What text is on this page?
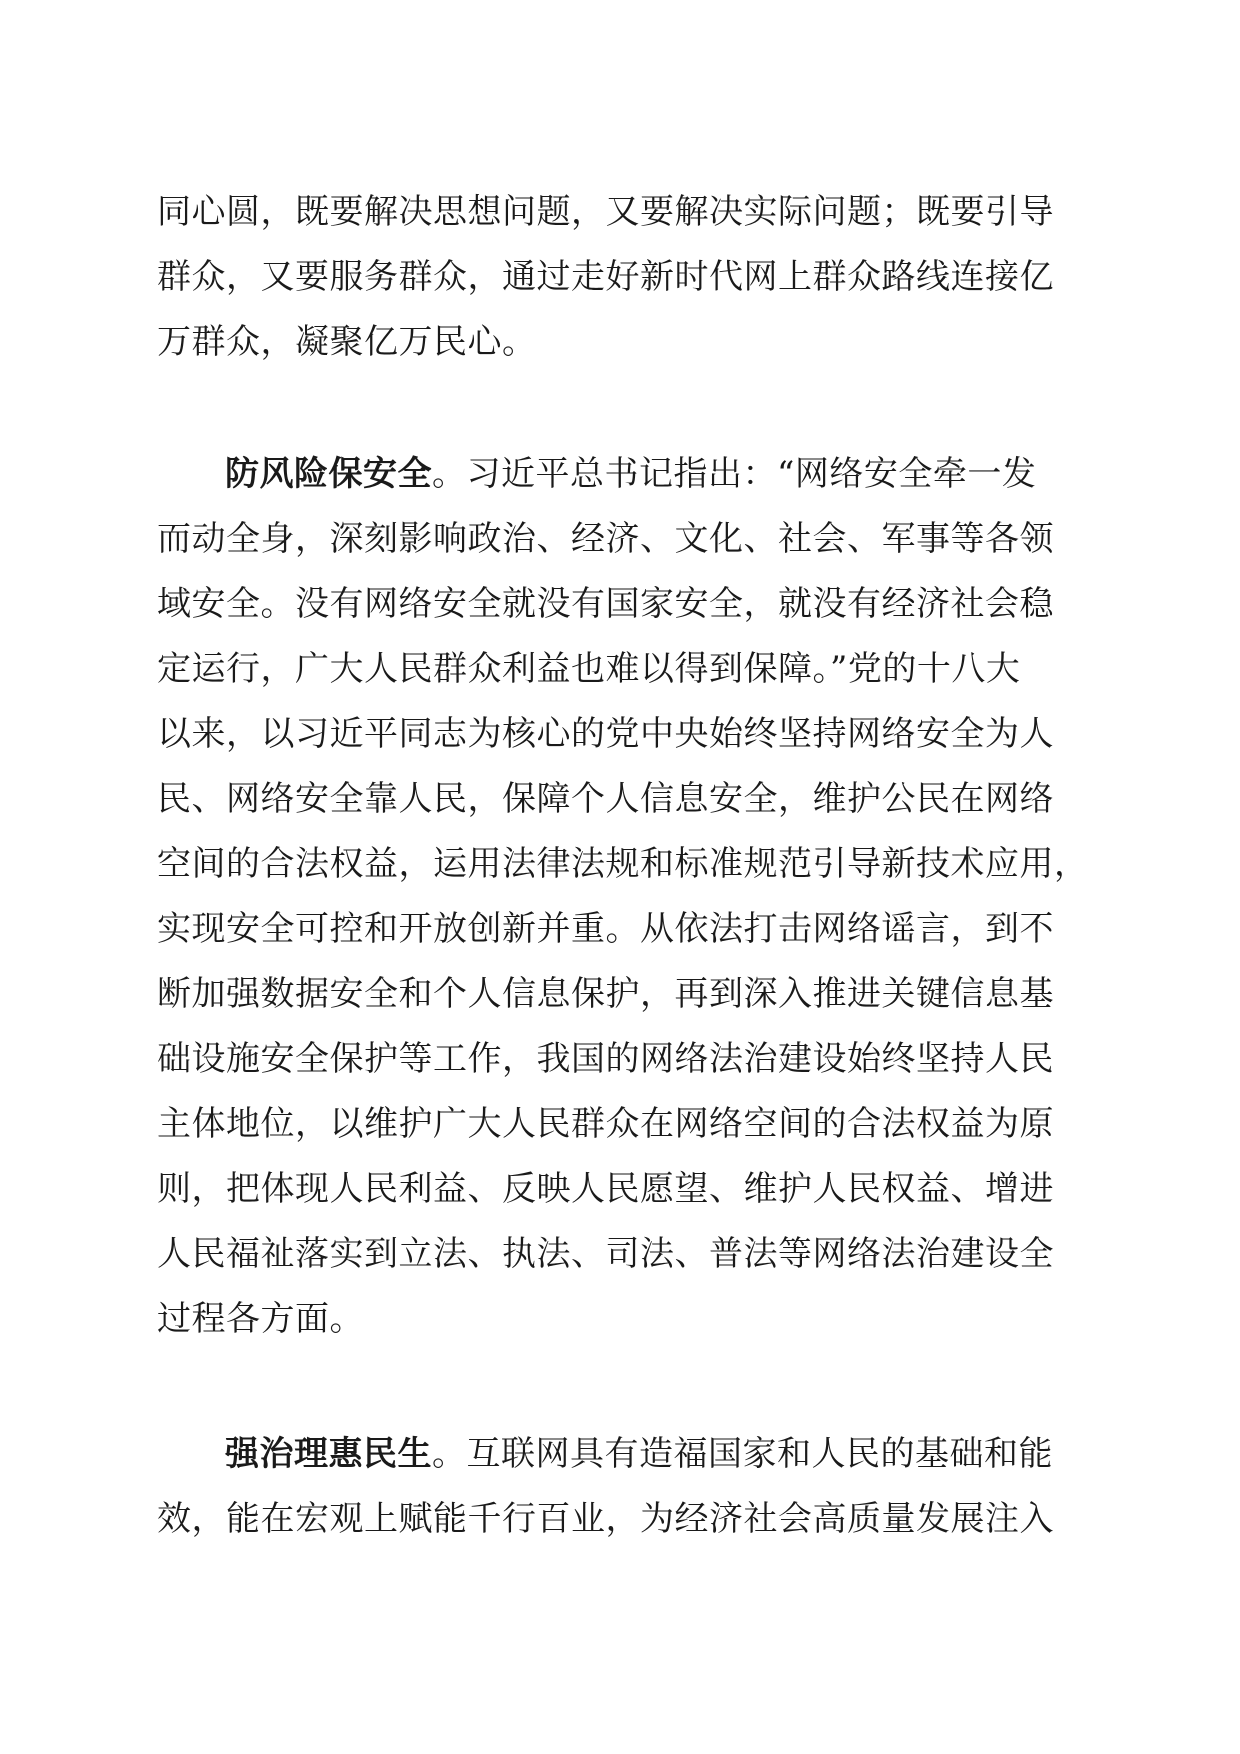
同心圆，既要解决思想问题，又要解决实际问题；既要引导
群众，又要服务群众，通过走好新时代网上群众路线连接亿
万群众，凝聚亿万民心。
防风险保安全。习近平总书记指出：“网络安全牵一发
而动全身，深刻影响政治、经济、文化、社会、军事等各领
域安全。没有网络安全就没有国家安全，就没有经济社会稳
定运行，广大人民群众利益也难以得到保障。”党的十八大
以来，以习近平同志为核心的党中央始终坚持网络安全为人
民、网络安全靠人民，保障个人信息安全，维护公民在网络
空间的合法权益，运用法律法规和标准规范引导新技术应用，
实现安全可控和开放创新并重。从依法打击网络谣言，到不
断加强数据安全和个人信息保护，再到深入推进关键信息基
础设施安全保护等工作，我国的网络法治建设始终坚持人民
主体地位，以维护广大人民群众在网络空间的合法权益为原
则，把体现人民利益、反映人民愿望、维护人民权益、增进
人民福祉落实到立法、执法、司法、普法等网络法治建设全
过程各方面。
强治理惠民生。互联网具有造福国家和人民的基础和能
效，能在宏观上赋能千行百业，为经济社会高质量发展注入
